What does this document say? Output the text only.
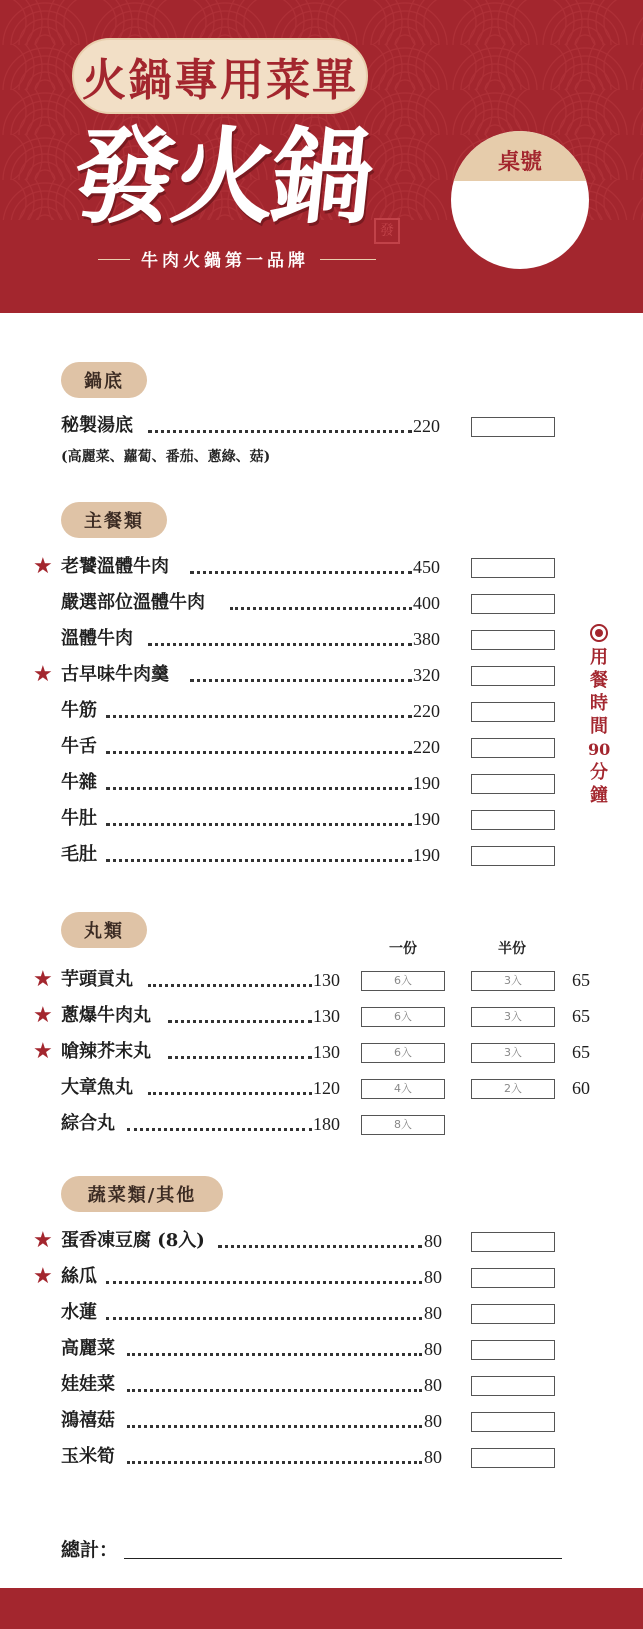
火鍋專用菜單
發火鍋 發
牛肉火鍋第一品牌
桌號
鍋底
秘製湯底	220
(高麗菜、蘿蔔、番茄、蔥綠、菇)
主餐類
★ 老饕溫體牛肉	450
嚴選部位溫體牛肉	400
溫體牛肉	380
★ 古早味牛肉羹	320
牛筋	220
牛舌	220
牛雜	190
牛肚	190
毛肚	190
用
餐
時
間
90
分
鐘
丸類
一份	半份
★ 芋頭貢丸	130	6入	3入	65
★ 蔥爆牛肉丸	130	6入	3入	65
★ 嗆辣芥末丸	130	6入	3入	65
大章魚丸	120	4入	2入	60
綜合丸	180	8入
蔬菜類/其他
★ 蛋香凍豆腐 (8入)	80
★ 絲瓜	80
水蓮	80
高麗菜	80
娃娃菜	80
鴻禧菇	80
玉米筍	80
總計：
